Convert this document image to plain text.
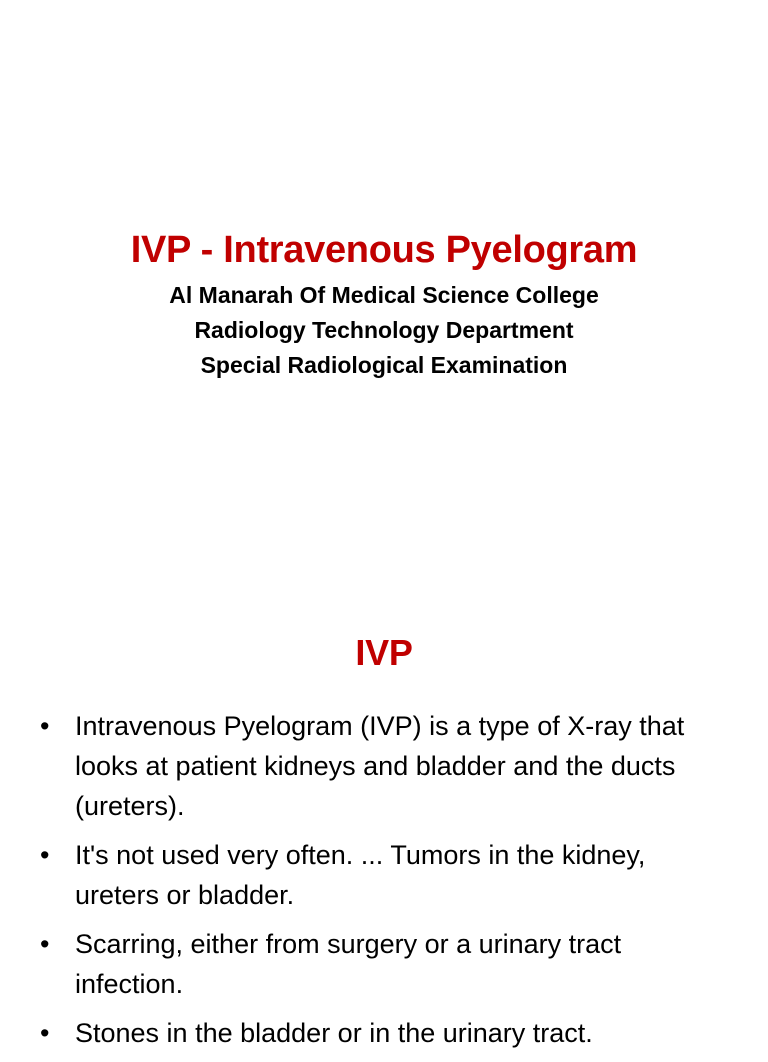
IVP - Intravenous Pyelogram
Al Manarah Of Medical Science College
Radiology Technology Department
Special Radiological Examination
IVP
• Intravenous Pyelogram (IVP) is a type of X-ray that looks at patient kidneys and bladder and the ducts (ureters).
• It's not used very often. ... Tumors in the kidney, ureters or bladder.
• Scarring, either from surgery or a urinary tract infection.
• Stones in the bladder or in the urinary tract.
